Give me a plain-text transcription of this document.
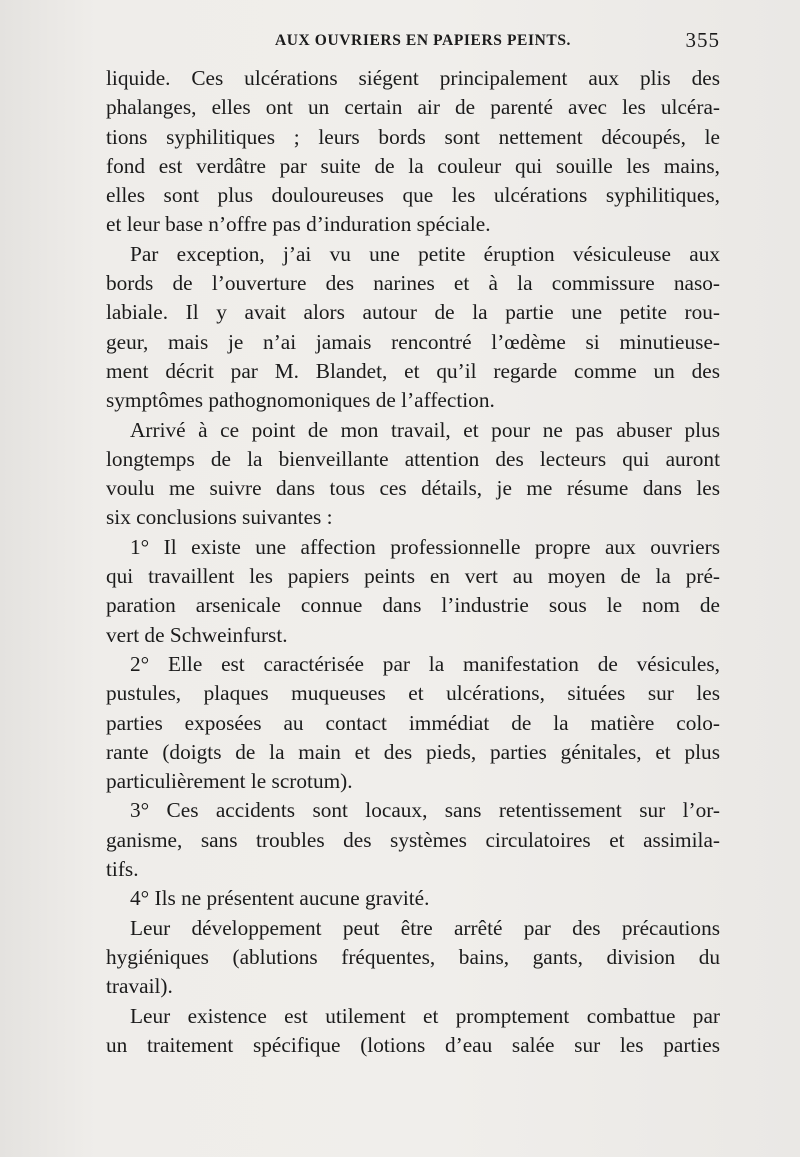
AUX OUVRIERS EN PAPIERS PEINTS.	355
liquide. Ces ulcérations siégent principalement aux plis des
phalanges, elles ont un certain air de parenté avec les ulcéra-
tions syphilitiques ; leurs bords sont nettement découpés, le
fond est verdâtre par suite de la couleur qui souille les mains,
elles sont plus douloureuses que les ulcérations syphilitiques,
et leur base n’offre pas d’induration spéciale.
Par exception, j’ai vu une petite éruption vésiculeuse aux
bords de l’ouverture des narines et à la commissure naso-
labiale. Il y avait alors autour de la partie une petite rou-
geur, mais je n’ai jamais rencontré l’œdème si minutieuse-
ment décrit par M. Blandet, et qu’il regarde comme un des
symptômes pathognomoniques de l’affection.
Arrivé à ce point de mon travail, et pour ne pas abuser plus
longtemps de la bienveillante attention des lecteurs qui auront
voulu me suivre dans tous ces détails, je me résume dans les
six conclusions suivantes :
1° Il existe une affection professionnelle propre aux ouvriers
qui travaillent les papiers peints en vert au moyen de la pré-
paration arsenicale connue dans l’industrie sous le nom de
vert de Schweinfurst.
2° Elle est caractérisée par la manifestation de vésicules,
pustules, plaques muqueuses et ulcérations, situées sur les
parties exposées au contact immédiat de la matière colo-
rante (doigts de la main et des pieds, parties génitales, et plus
particulièrement le scrotum).
3° Ces accidents sont locaux, sans retentissement sur l’or-
ganisme, sans troubles des systèmes circulatoires et assimila-
tifs.
4° Ils ne présentent aucune gravité.
Leur développement peut être arrêté par des précautions
hygiéniques (ablutions fréquentes, bains, gants, division du
travail).
Leur existence est utilement et promptement combattue par
un traitement spécifique (lotions d’eau salée sur les parties
